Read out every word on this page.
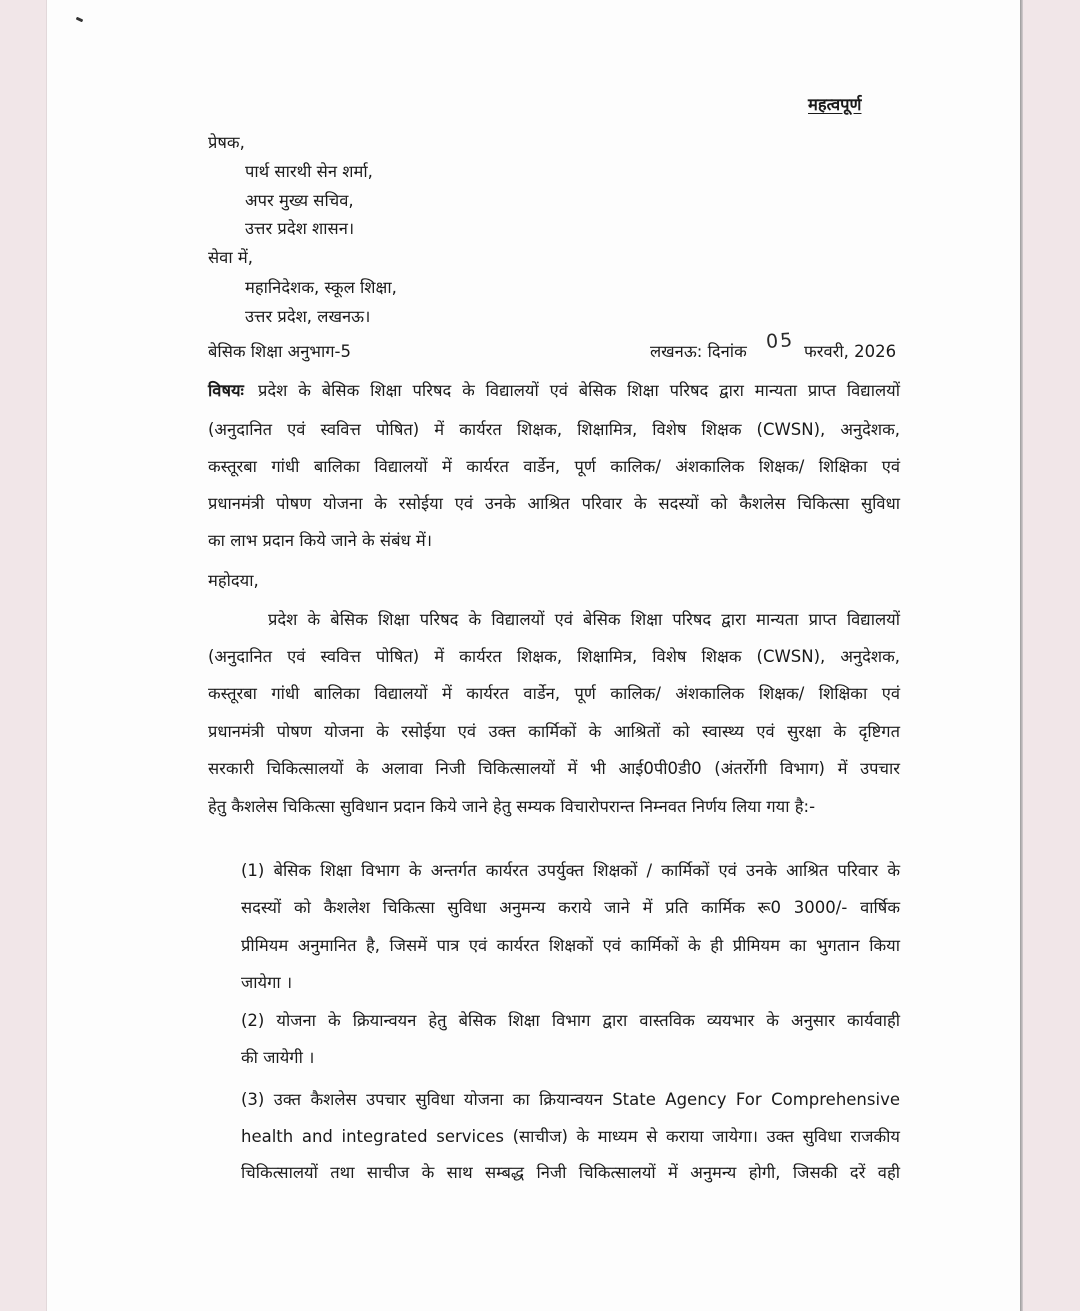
महत्वपूर्ण
प्रेषक,
पार्थ सारथी सेन शर्मा,
अपर मुख्य सचिव,
उत्तर प्रदेश शासन।
सेवा में,
महानिदेशक, स्कूल शिक्षा,
उत्तर प्रदेश, लखनऊ।
बेसिक शिक्षा अनुभाग-5	लखनऊ: दिनांक 05 फरवरी, 2026
विषयः प्रदेश के बेसिक शिक्षा परिषद के विद्यालयों एवं बेसिक शिक्षा परिषद द्वारा मान्यता प्राप्त विद्यालयों
(अनुदानित एवं स्ववित्त पोषित) में कार्यरत शिक्षक, शिक्षामित्र, विशेष शिक्षक (CWSN), अनुदेशक,
कस्तूरबा गांधी बालिका विद्यालयों में कार्यरत वार्डेन, पूर्ण कालिक/ अंशकालिक शिक्षक/ शिक्षिका एवं
प्रधानमंत्री पोषण योजना के रसोईया एवं उनके आश्रित परिवार के सदस्यों को कैशलेस चिकित्सा सुविधा
का लाभ प्रदान किये जाने के संबंध में।
महोदया,
प्रदेश के बेसिक शिक्षा परिषद के विद्यालयों एवं बेसिक शिक्षा परिषद द्वारा मान्यता प्राप्त विद्यालयों
(अनुदानित एवं स्ववित्त पोषित) में कार्यरत शिक्षक, शिक्षामित्र, विशेष शिक्षक (CWSN), अनुदेशक,
कस्तूरबा गांधी बालिका विद्यालयों में कार्यरत वार्डेन, पूर्ण कालिक/ अंशकालिक शिक्षक/ शिक्षिका एवं
प्रधानमंत्री पोषण योजना के रसोईया एवं उक्त कार्मिकों के आश्रितों को स्वास्थ्य एवं सुरक्षा के दृष्टिगत
सरकारी चिकित्सालयों के अलावा निजी चिकित्सालयों में भी आई0पी0डी0 (अंतर्रोगी विभाग) में उपचार
हेतु कैशलेस चिकित्सा सुविधान प्रदान किये जाने हेतु सम्यक विचारोपरान्त निम्नवत निर्णय लिया गया है:-
(1) बेसिक शिक्षा विभाग के अन्तर्गत कार्यरत उपर्युक्त शिक्षकों / कार्मिकों एवं उनके आश्रित परिवार के
सदस्यों को कैशलेश चिकित्सा सुविधा अनुमन्य कराये जाने में प्रति कार्मिक रू0 3000/- वार्षिक
प्रीमियम अनुमानित है, जिसमें पात्र एवं कार्यरत शिक्षकों एवं कार्मिकों के ही प्रीमियम का भुगतान किया
जायेगा ।
(2) योजना के क्रियान्वयन हेतु बेसिक शिक्षा विभाग द्वारा वास्तविक व्ययभार के अनुसार कार्यवाही
की जायेगी ।
(3) उक्त कैशलेस उपचार सुविधा योजना का क्रियान्वयन State Agency For Comprehensive
health and integrated services (साचीज) के माध्यम से कराया जायेगा। उक्त सुविधा राजकीय
चिकित्सालयों तथा साचीज के साथ सम्बद्ध निजी चिकित्सालयों में अनुमन्य होगी, जिसकी दरें वही
